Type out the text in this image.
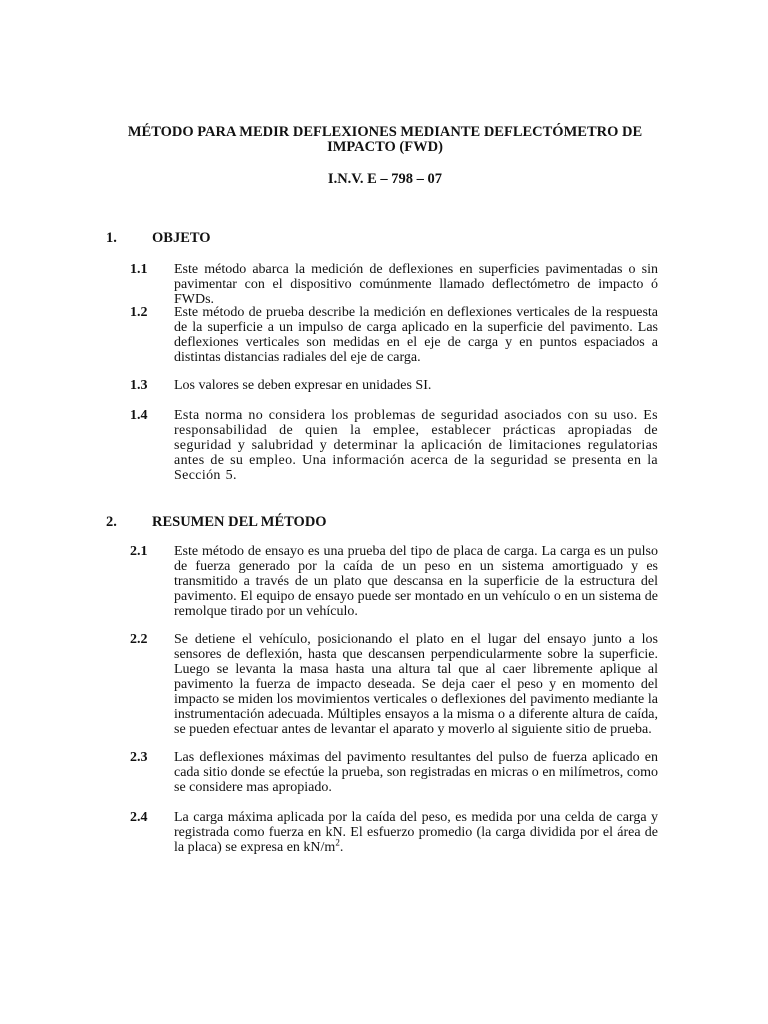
MÉTODO PARA MEDIR DEFLEXIONES MEDIANTE DEFLECTÓMETRO DE
IMPACTO (FWD)
I.N.V. E – 798 – 07
1. OBJETO
1.1 Este método abarca la medición de deflexiones en superficies pavimentadas o sin pavimentar con el dispositivo comúnmente llamado deflectómetro de impacto ó FWDs.
1.2 Este método de prueba describe la medición en deflexiones verticales de la respuesta de la superficie a un impulso de carga aplicado en la superficie del pavimento. Las deflexiones verticales son medidas en el eje de carga y en puntos espaciados a distintas distancias radiales del eje de carga.
1.3 Los valores se deben expresar en unidades SI.
1.4 Esta norma no considera los problemas de seguridad asociados con su uso. Es responsabilidad de quien la emplee, establecer prácticas apropiadas de seguridad y salubridad y determinar la aplicación de limitaciones regulatorias antes de su empleo. Una información acerca de la seguridad se presenta en la Sección 5.
2. RESUMEN DEL MÉTODO
2.1 Este método de ensayo es una prueba del tipo de placa de carga. La carga es un pulso de fuerza generado por la caída de un peso en un sistema amortiguado y es transmitido a través de un plato que descansa en la superficie de la estructura del pavimento. El equipo de ensayo puede ser montado en un vehículo o en un sistema de remolque tirado por un vehículo.
2.2 Se detiene el vehículo, posicionando el plato en el lugar del ensayo junto a los sensores de deflexión, hasta que descansen perpendicularmente sobre la superficie. Luego se levanta la masa hasta una altura tal que al caer libremente aplique al pavimento la fuerza de impacto deseada. Se deja caer el peso y en momento del impacto se miden los movimientos verticales o deflexiones del pavimento mediante la instrumentación adecuada. Múltiples ensayos a la misma o a diferente altura de caída, se pueden efectuar antes de levantar el aparato y moverlo al siguiente sitio de prueba.
2.3 Las deflexiones máximas del pavimento resultantes del pulso de fuerza aplicado en cada sitio donde se efectúe la prueba, son registradas en micras o en milímetros, como se considere mas apropiado.
2.4 La carga máxima aplicada por la caída del peso, es medida por una celda de carga y registrada como fuerza en kN. El esfuerzo promedio (la carga dividida por el área de la placa) se expresa en $kN/m^2$.
